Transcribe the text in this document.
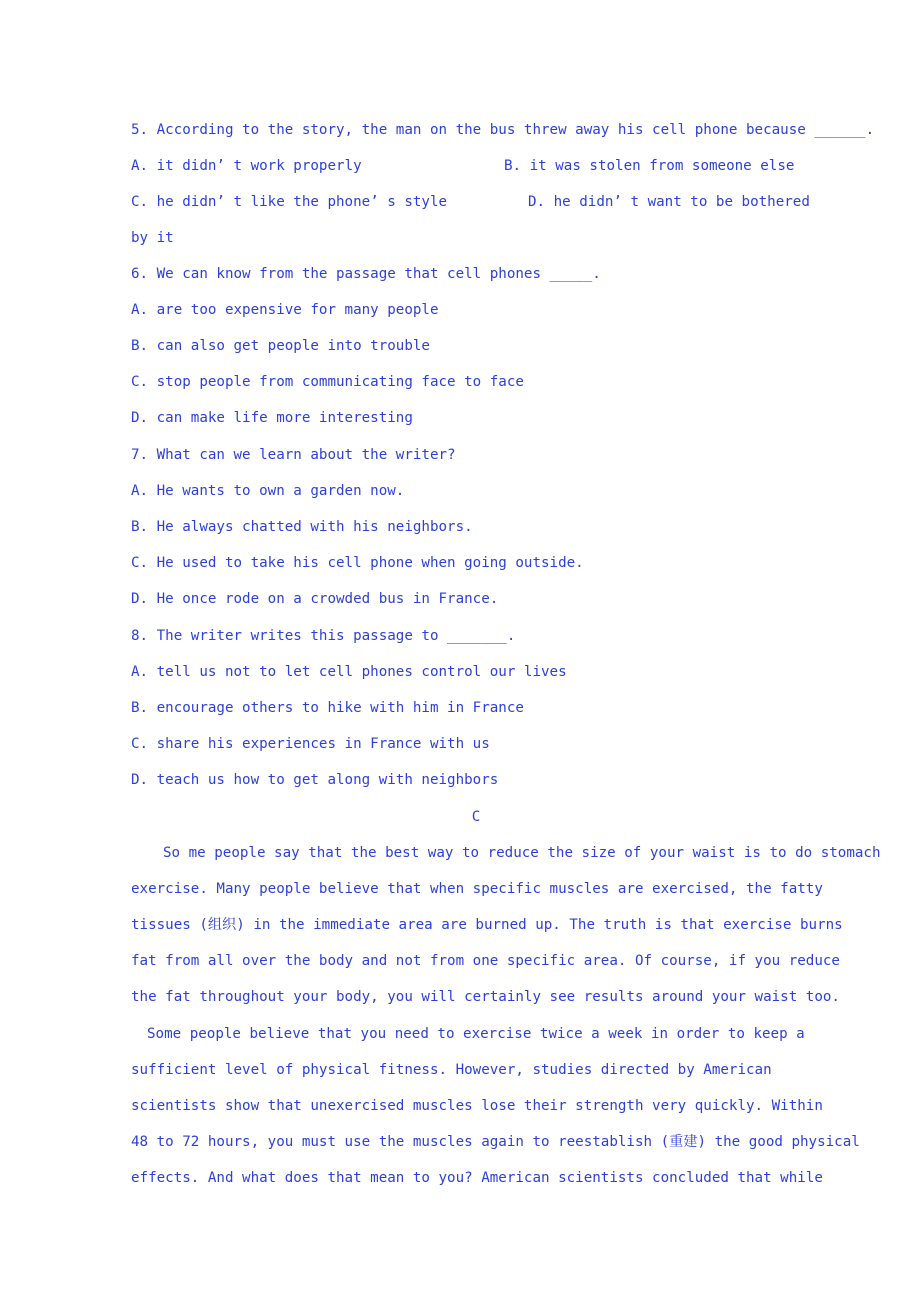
5. According to the story, the man on the bus threw away his cell phone because ______.
A. it didn’ t work properly	B. it was stolen from someone else
C. he didn’ t like the phone’ s style	D. he didn’ t want to be bothered
by it
6. We can know from the passage that cell phones _____.
A. are too expensive for many people
B. can also get people into trouble
C. stop people from communicating face to face
D. can make life more interesting
7. What can we learn about the writer?
A. He wants to own a garden now.
B. He always chatted with his neighbors.
C. He used to take his cell phone when going outside.
D. He once rode on a crowded bus in France.
8. The writer writes this passage to _______.
A. tell us not to let cell phones control our lives
B. encourage others to hike with him in France
C. share his experiences in France with us
D. teach us how to get along with neighbors
C
So me people say that the best way to reduce the size of your waist is to do stomach
exercise. Many people believe that when specific muscles are exercised, the fatty
tissues (组织) in the immediate area are burned up. The truth is that exercise burns
fat from all over the body and not from one specific area. Of course, if you reduce
the fat throughout your body, you will certainly see results around your waist too.
Some people believe that you need to exercise twice a week in order to keep a
sufficient level of physical fitness. However, studies directed by American
scientists show that unexercised muscles lose their strength very quickly. Within
48 to 72 hours, you must use the muscles again to reestablish (重建) the good physical
effects. And what does that mean to you? American scientists concluded that while
